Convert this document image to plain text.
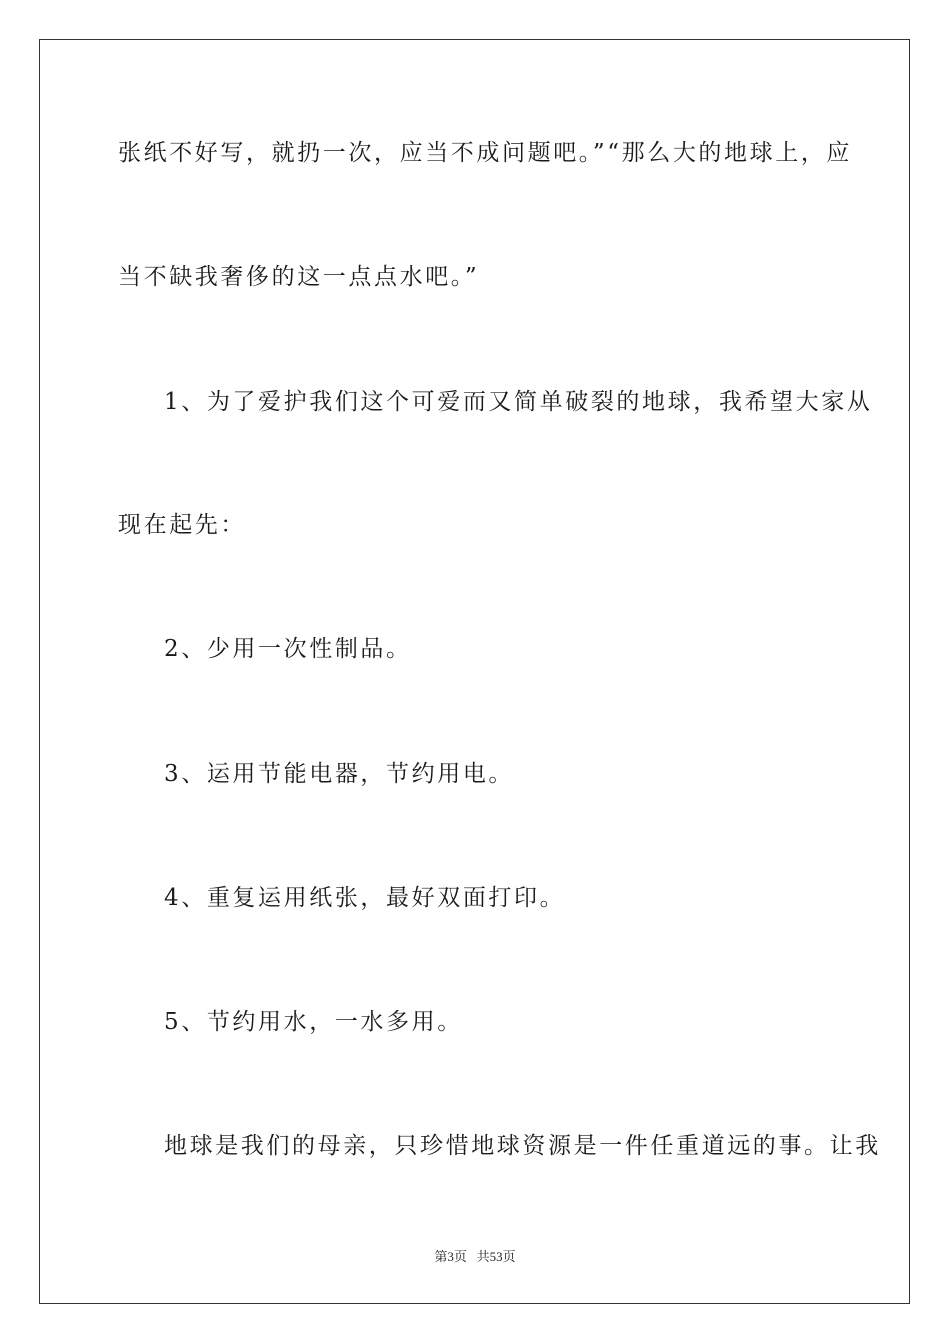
张纸不好写，就扔一次，应当不成问题吧。”“那么大的地球上，应
当不缺我奢侈的这一点点水吧。”
1、为了爱护我们这个可爱而又简单破裂的地球，我希望大家从
现在起先：
2、少用一次性制品。
3、运用节能电器，节约用电。
4、重复运用纸张，最好双面打印。
5、节约用水，一水多用。
地球是我们的母亲，只珍惜地球资源是一件任重道远的事。让我
第3页 共53页
